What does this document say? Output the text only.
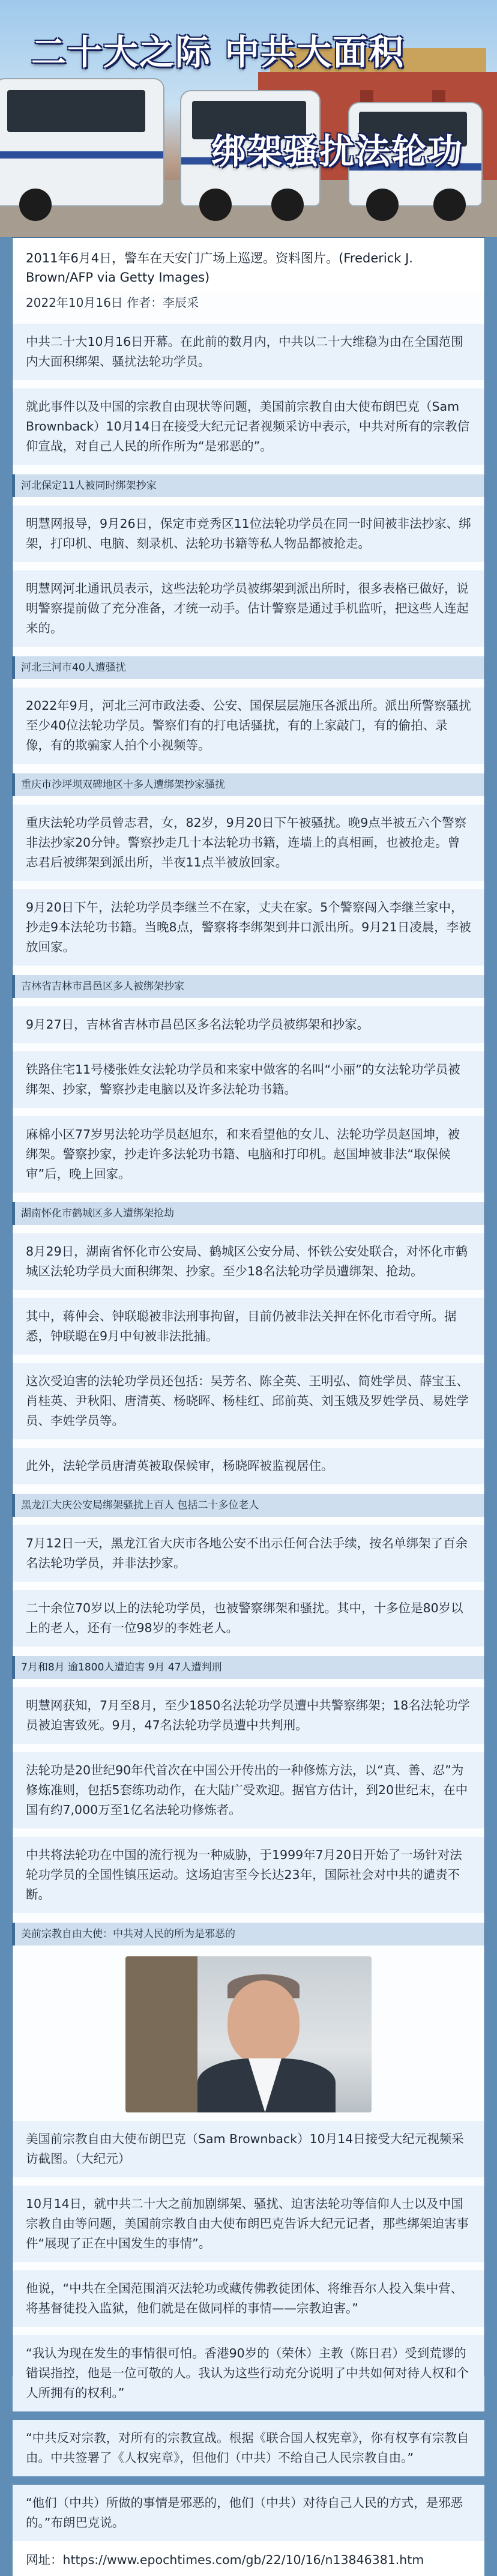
二十大之际 中共大面积
绑架骚扰法轮功
2011年6月4日，警车在天安门广场上巡逻。资料图片。(Frederick J. Brown/AFP via Getty Images)
2022年10月16日 作者：李辰采
中共二十大10月16日开幕。在此前的数月内，中共以二十大维稳为由在全国范围内大面积绑架、骚扰法轮功学员。
就此事件以及中国的宗教自由现状等问题，美国前宗教自由大使布朗巴克（Sam Brownback）10月14日在接受大纪元记者视频采访中表示，中共对所有的宗教信仰宣战，对自己人民的所作所为“是邪恶的”。
河北保定11人被同时绑架抄家
明慧网报导，9月26日，保定市竞秀区11位法轮功学员在同一时间被非法抄家、绑架，打印机、电脑、刻录机、法轮功书籍等私人物品都被抢走。
明慧网河北通讯员表示，这些法轮功学员被绑架到派出所时，很多表格已做好，说明警察提前做了充分准备，才统一动手。估计警察是通过手机监听，把这些人连起来的。
河北三河市40人遭骚扰
2022年9月，河北三河市政法委、公安、国保层层施压各派出所。派出所警察骚扰至少40位法轮功学员。警察们有的打电话骚扰，有的上家敲门，有的偷拍、录像，有的欺骗家人拍个小视频等。
重庆市沙坪坝双碑地区十多人遭绑架抄家骚扰
重庆法轮功学员曾志君，女，82岁，9月20日下午被骚扰。晚9点半被五六个警察非法抄家20分钟。警察抄走几十本法轮功书籍，连墙上的真相画，也被抢走。曾志君后被绑架到派出所，半夜11点半被放回家。
9月20日下午，法轮功学员李继兰不在家，丈夫在家。5个警察闯入李继兰家中，抄走9本法轮功书籍。当晚8点，警察将李绑架到井口派出所。9月21日凌晨，李被放回家。
吉林省吉林市昌邑区多人被绑架抄家
9月27日，吉林省吉林市昌邑区多名法轮功学员被绑架和抄家。
铁路住宅11号楼张姓女法轮功学员和来家中做客的名叫“小丽”的女法轮功学员被绑架、抄家，警察抄走电脑以及许多法轮功书籍。
麻棉小区77岁男法轮功学员赵旭东，和来看望他的女儿、法轮功学员赵国坤，被绑架。警察抄家，抄走许多法轮功书籍、电脑和打印机。赵国坤被非法“取保候审”后，晚上回家。
湖南怀化市鹤城区多人遭绑架抢劫
8月29日，湖南省怀化市公安局、鹤城区公安分局、怀铁公安处联合，对怀化市鹤城区法轮功学员大面积绑架、抄家。至少18名法轮功学员遭绑架、抢劫。
其中，蒋仲会、钟联聪被非法刑事拘留，目前仍被非法关押在怀化市看守所。据悉，钟联聪在9月中旬被非法批捕。
这次受迫害的法轮功学员还包括：吴芳名、陈全英、王明弘、简姓学员、薛宝玉、肖桂英、尹秋阳、唐清英、杨晓晖、杨桂红、邱前英、刘玉娥及罗姓学员、易姓学员、李姓学员等。
此外，法轮学员唐清英被取保候审，杨晓晖被监视居住。
黑龙江大庆公安局绑架骚扰上百人 包括二十多位老人
7月12日一天，黑龙江省大庆市各地公安不出示任何合法手续，按名单绑架了百余名法轮功学员，并非法抄家。
二十余位70岁以上的法轮功学员，也被警察绑架和骚扰。其中，十多位是80岁以上的老人，还有一位98岁的李姓老人。
7月和8月 逾1800人遭迫害 9月 47人遭判刑
明慧网获知，7月至8月，至少1850名法轮功学员遭中共警察绑架；18名法轮功学员被迫害致死。9月，47名法轮功学员遭中共判刑。
法轮功是20世纪90年代首次在中国公开传出的一种修炼方法，以“真、善、忍”为修炼准则，包括5套练功动作，在大陆广受欢迎。据官方估计，到20世纪末，在中国有约7,000万至1亿名法轮功修炼者。
中共将法轮功在中国的流行视为一种威胁，于1999年7月20日开始了一场针对法轮功学员的全国性镇压运动。这场迫害至今长达23年，国际社会对中共的谴责不断。
美前宗教自由大使：中共对人民的所为是邪恶的
美国前宗教自由大使布朗巴克（Sam Brownback）10月14日接受大纪元视频采访截图。（大纪元）
10月14日，就中共二十大之前加剧绑架、骚扰、迫害法轮功等信仰人士以及中国宗教自由等问题，美国前宗教自由大使布朗巴克告诉大纪元记者，那些绑架迫害事件“展现了正在中国发生的事情”。
他说，“中共在全国范围消灭法轮功或藏传佛教徒团体、将维吾尔人投入集中营、将基督徒投入监狱，他们就是在做同样的事情——宗教迫害。”
“我认为现在发生的事情很可怕。香港90岁的（荣休）主教（陈日君）受到荒谬的错误指控，他是一位可敬的人。我认为这些行动充分说明了中共如何对待人权和个人所拥有的权利。”
“中共反对宗教，对所有的宗教宣战。根据《联合国人权宪章》，你有权享有宗教自由。中共签署了《人权宪章》，但他们（中共）不给自己人民宗教自由。”
“他们（中共）所做的事情是邪恶的，他们（中共）对待自己人民的方式，是邪恶的。”布朗巴克说。
网址：https://www.epochtimes.com/gb/22/10/16/n13846381.htm
